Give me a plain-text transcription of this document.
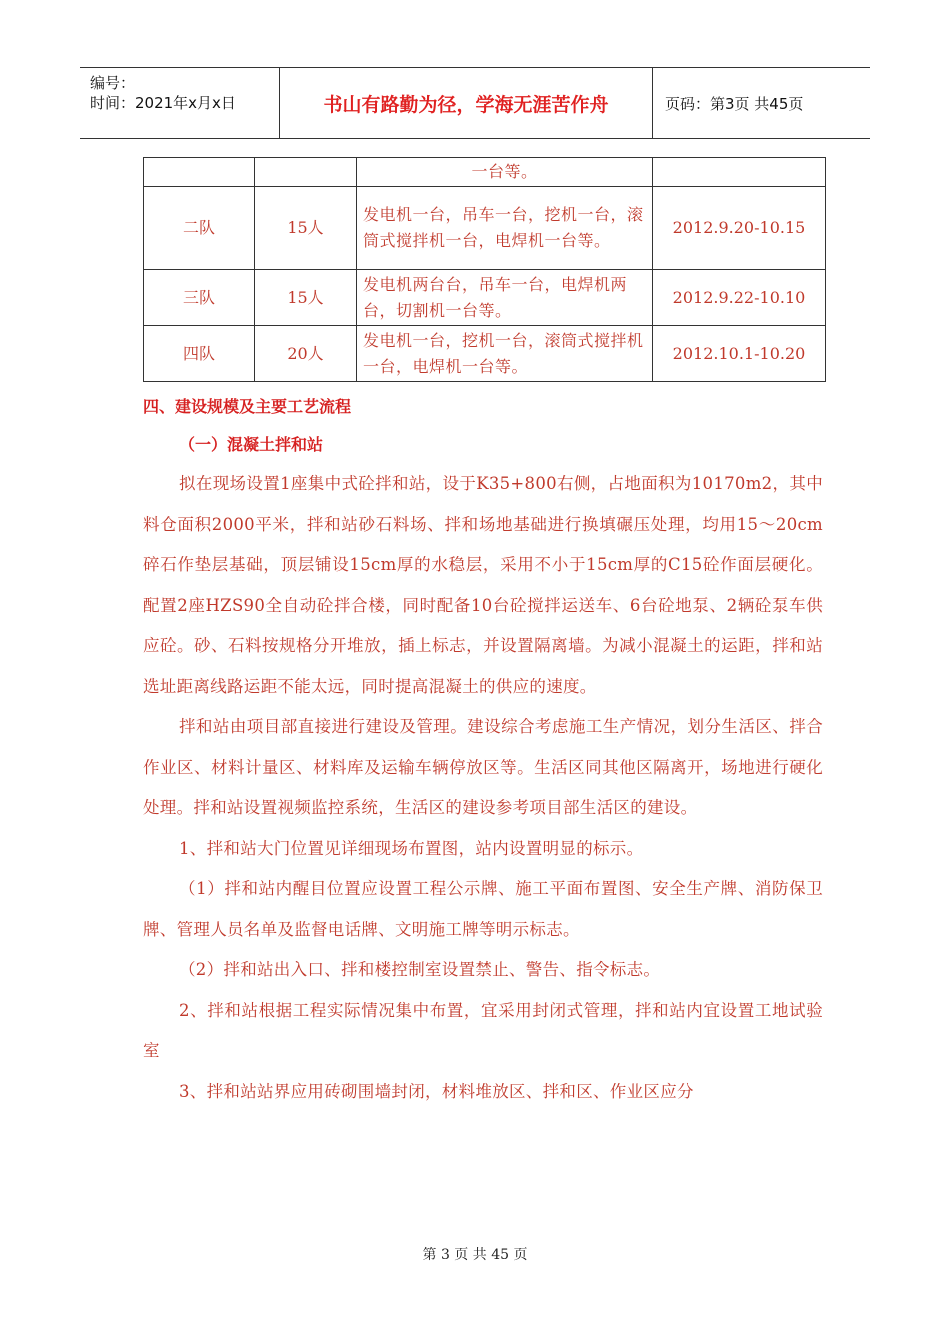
编号：
时间：2021年x月x日	书山有路勤为径，学海无涯苦作舟	页码：第3页 共45页
		一台等。	
二队	15人	发电机一台，吊车一台，挖机一台，滚筒式搅拌机一台，电焊机一台等。	2012.9.20-10.15
三队	15人	发电机两台台，吊车一台，电焊机两台，切割机一台等。	2012.9.22-10.10
四队	20人	发电机一台，挖机一台，滚筒式搅拌机一台，电焊机一台等。	2012.10.1-10.20
四、建设规模及主要工艺流程
（一）混凝土拌和站

拟在现场设置1座集中式砼拌和站，设于K35+800右侧，占地面积为10170m2，其中料仓面积2000平米，拌和站砂石料场、拌和场地基础进行换填碾压处理，均用15～20cm碎石作垫层基础，顶层铺设15cm厚的水稳层，采用不小于15cm厚的C15砼作面层硬化。配置2座HZS90全自动砼拌合楼，同时配备10台砼搅拌运送车、6台砼地泵、2辆砼泵车供应砼。砂、石料按规格分开堆放，插上标志，并设置隔离墙。为减小混凝土的运距，拌和站选址距离线路运距不能太远，同时提高混凝土的供应的速度。

拌和站由项目部直接进行建设及管理。建设综合考虑施工生产情况，划分生活区、拌合作业区、材料计量区、材料库及运输车辆停放区等。生活区同其他区隔离开，场地进行硬化处理。拌和站设置视频监控系统，生活区的建设参考项目部生活区的建设。

1、拌和站大门位置见详细现场布置图，站内设置明显的标示。

（1）拌和站内醒目位置应设置工程公示牌、施工平面布置图、安全生产牌、消防保卫牌、管理人员名单及监督电话牌、文明施工牌等明示标志。

（2）拌和站出入口、拌和楼控制室设置禁止、警告、指令标志。

2、拌和站根据工程实际情况集中布置，宜采用封闭式管理，拌和站内宜设置工地试验室

3、拌和站站界应用砖砌围墙封闭，材料堆放区、拌和区、作业区应分

第 3 页 共 45 页
